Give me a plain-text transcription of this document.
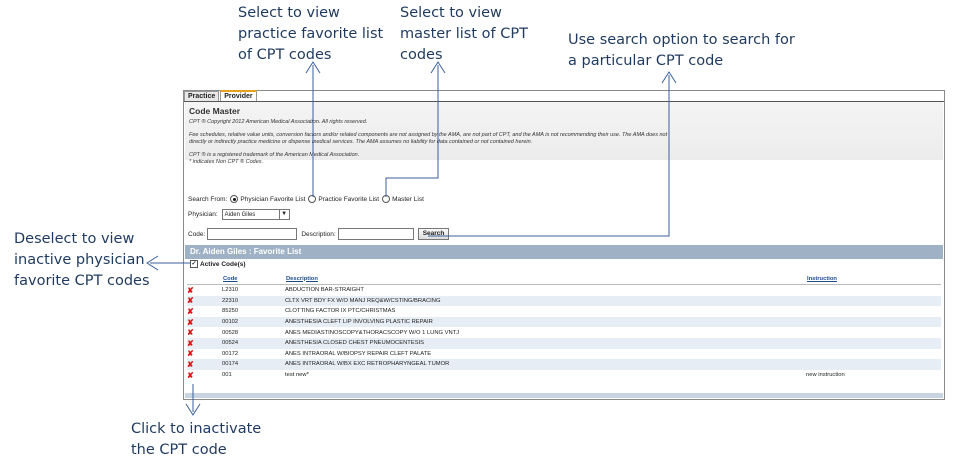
Select to view practice favorite list of CPT codes
Select to view master list of CPT codes
Use search option to search for a particular CPT code
Deselect to view inactive physician favorite CPT codes
Click to inactivate the CPT code
Practice	Provider
Code Master
CPT ® Copyright 2012 American Medical Association. All rights reserved.
Fee schedules, relative value units, conversion factors and/or related components are not assigned by the AMA, are not part of CPT, and the AMA is not recommending their use. The AMA does not
directly or indirectly practice medicine or dispense medical services. The AMA assumes no liability for data contained or not contained herein.
CPT ® is a registered trademark of the American Medical Association.
* indicates Non CPT ® Codes.
Search From: Physician Favorite List Practice Favorite List Master List
Physician: Aiden Giles	▼
Code:	Description:	Search
Dr. Aiden Giles : Favorite List
✓ Active Code(s)
	Code	Description	Instruction
✘	L2310	ABDUCTION BAR-STRAIGHT	
✘	22310	CLTX VRT BDY FX W/O MANJ REQ&W/CSTING/BRACING	
✘	85250	CLOTTING FACTOR IX PTC/CHRISTMAS	
✘	00102	ANESTHESIA CLEFT LIP INVOLVING PLASTIC REPAIR	
✘	00528	ANES MEDIASTINOSCOPY&THORACSCOPY W/O 1 LUNG VNTJ	
✘	00524	ANESTHESIA CLOSED CHEST PNEUMOCENTESIS	
✘	00172	ANES INTRAORAL W/BIOPSY REPAIR CLEFT PALATE	
✘	00174	ANES INTRAORAL W/BX EXC RETROPHARYNGEAL TUMOR	
✘	001	test new*	new instruction
